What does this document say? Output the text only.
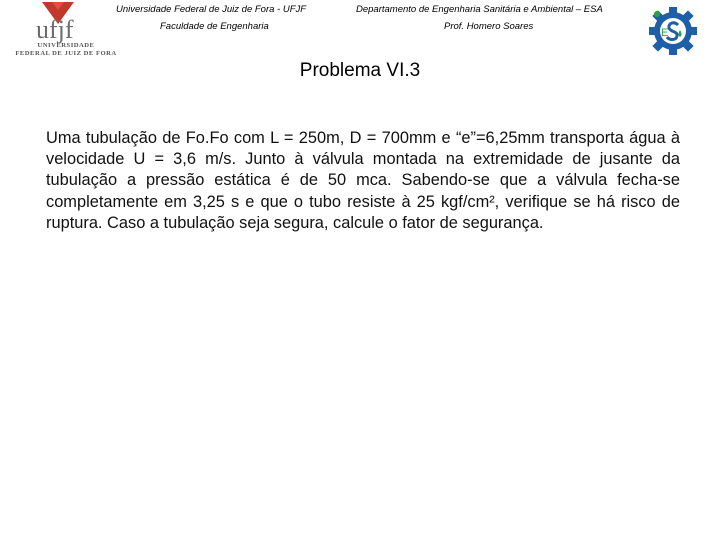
ufjf
UNIVERSIDADE
FEDERAL DE JUIZ DE FORA
Universidade Federal de Juiz de Fora - UFJF
Faculdade de Engenharia
Departamento de Engenharia Sanitária e Ambiental – ESA
Prof. Homero Soares
E
Problema VI.3
Uma tubulação de Fo.Fo com L = 250m, D = 700mm e “e”=6,25mm transporta água à velocidade U = 3,6 m/s. Junto à válvula montada na extremidade de jusante da tubulação a pressão estática é de 50 mca. Sabendo-se que a válvula fecha-se completamente em 3,25 s e que o tubo resiste à 25 kgf/cm², verifique se há risco de ruptura. Caso a tubulação seja segura, calcule o fator de segurança.
